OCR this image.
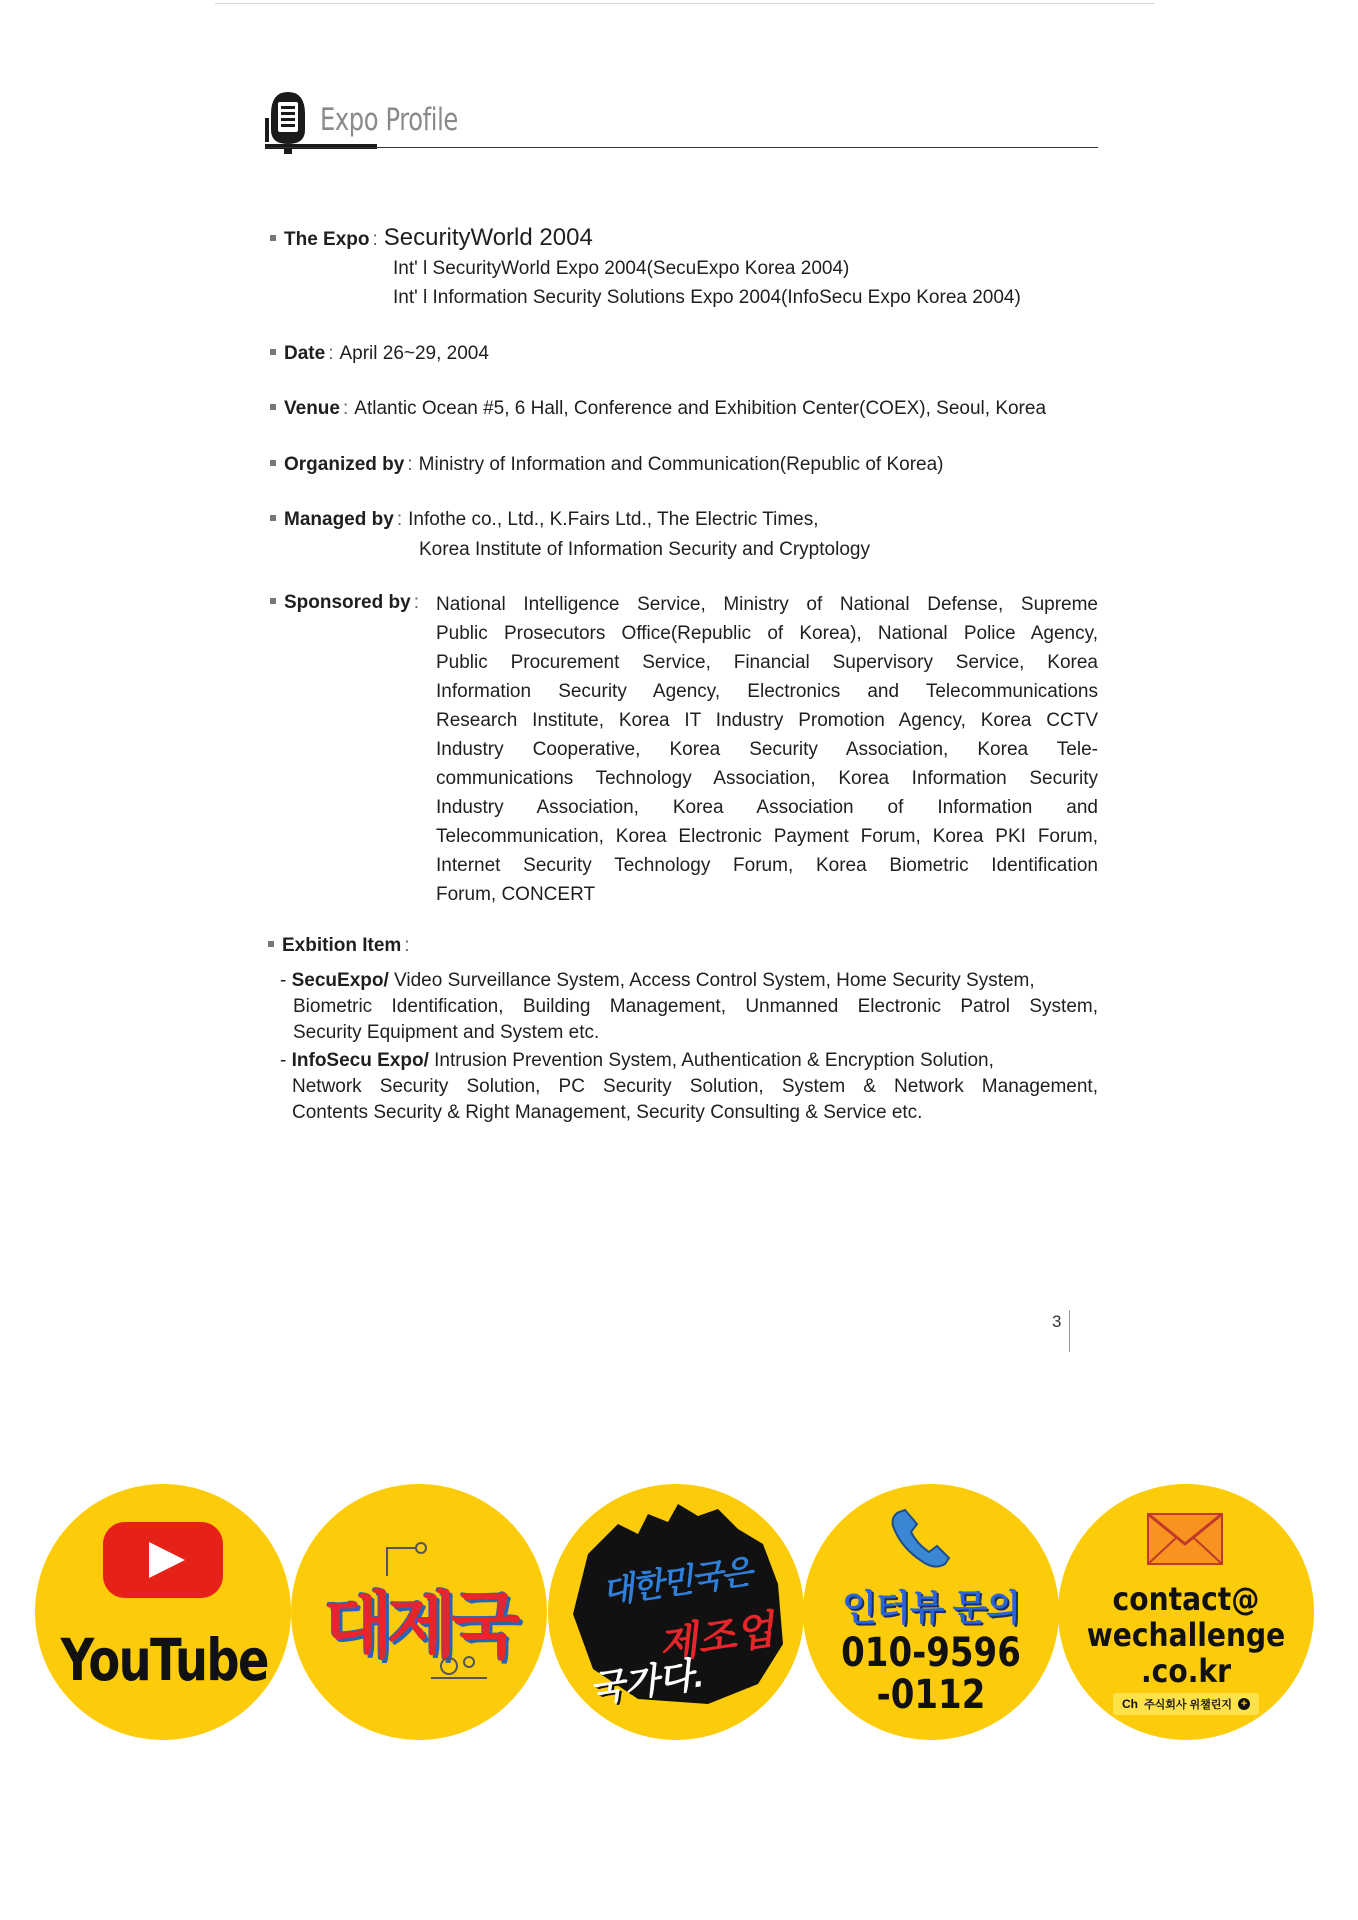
Expo Profile
The Expo : SecurityWorld 2004
Int' l SecurityWorld Expo 2004(SecuExpo Korea 2004)
Int' l Information Security Solutions Expo 2004(InfoSecu Expo Korea 2004)
Date : April 26~29, 2004
Venue : Atlantic Ocean #5, 6 Hall, Conference and Exhibition Center(COEX), Seoul, Korea
Organized by : Ministry of Information and Communication(Republic of Korea)
Managed by : Infothe co., Ltd., K.Fairs Ltd., The Electric Times,
Korea Institute of Information Security and Cryptology
Sponsored by : National Intelligence Service, Ministry of National Defense, Supreme
Public Prosecutors Office(Republic of Korea), National Police Agency,
Public Procurement Service, Financial Supervisory Service, Korea
Information Security Agency, Electronics and Telecommunications
Research Institute, Korea IT Industry Promotion Agency, Korea CCTV
Industry Cooperative, Korea Security Association, Korea Tele-
communications Technology Association, Korea Information Security
Industry Association, Korea Association of Information and
Telecommunication, Korea Electronic Payment Forum, Korea PKI Forum,
Internet Security Technology Forum, Korea Biometric Identification
Forum, CONCERT
Exbition Item :
- SecuExpo/ Video Surveillance System, Access Control System, Home Security System,
Biometric Identification, Building Management, Unmanned Electronic Patrol System,
Security Equipment and System etc.
- InfoSecu Expo/ Intrusion Prevention System, Authentication & Encryption Solution,
Network Security Solution, PC Security Solution, System & Network Management,
Contents Security & Right Management, Security Consulting & Service etc.
3
YouTube 대제국
대한민국은
제조업
국가다.
인터뷰 문의
010-9596
-0112
contact@
wechallenge
.co.kr
Ch 주식회사 위챌린지 +
